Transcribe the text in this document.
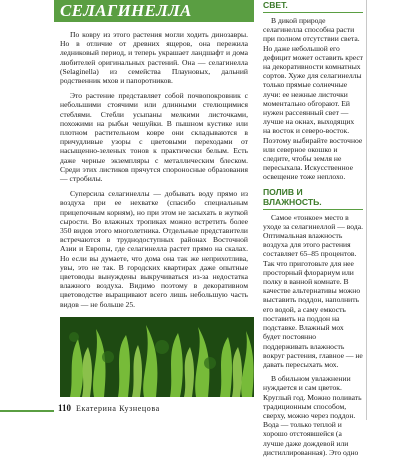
СЕЛАГИНЕЛЛА

По ковру из этого растения могли ходить динозавры. Но в отличие от древних ящеров, она пережила ледниковый период, и теперь украшает ландшафт и дома любителей оригинальных растений. Она — селагинелла (Selaginella) из семейства Плауновых, дальний родственник мхов и папоротников.

Это растение представляет собой почвопокровник с небольшими стоячими или длинными стелющимися стеблями. Стебли усыпаны мелкими листочками, похожими на рыбьи чешуйки. В пышном кустике или плотном растительном ковре они складываются в причудливые узоры с цветовыми переходами от насыщенно-зеленых тонов к практически белым. Есть даже черные экземпляры с металлическим блеском. Среди этих листиков прячутся спороносные образования — стробилы.

Суперсила селагинеллы — добывать воду прямо из воздуха при ее нехватке (спасибо специальным прицепочным корням), но при этом не засыхать в жуткой сырости. Во влажных тропиках можно встретить более 350 видов этого многолетника. Отдельные представители встречаются в труднодоступных районах Восточной Азии и Европы, где селагинелла растет прямо на скалах. Но если вы думаете, что дома она так же неприхотлива, увы, это не так. В городских квартирах даже опытные цветоводы вынуждены выкручиваться из-за недостатка влажного воздуха. Видимо поэтому в декоративном цветоводстве выращивают всего лишь небольшую часть видов — не больше 25.

110 Екатерина Кузнецова
СВЕТ.

В дикой природе селагинелла способна расти при полном отсутствии света. Но даже небольшой его дефицит может оставить крест на декоративности комнатных сортов. Хуже для селагинеллы только прямые солнечные лучи: ее нежные листочки моментально обгорают. Ей нужен рассеянный свет — лучше на окнах, выходящих на восток и северо-восток. Поэтому выбирайте восточное или северное окошко и следите, чтобы земля не пересыхала. Искусственное освещение тоже неплохо.

ПОЛИВ И ВЛАЖНОСТЬ.

Самое «тонкое» место в уходе за селагинеллой — вода. Оптимальная влажность воздуха для этого растения составляет 65–85 процентов. Так что приготовьте для нее просторный флорариум или полку в ванной комнате. В качестве альтернативы можно выставить поддон, наполнить его водой, а саму емкость поставить на поддон на подставке. Влажный мох будет постоянно поддерживать влажность вокруг растения, главное — не давать пересыхать мох.

В обильном увлажнении нуждается и сам цветок. Круглый год. Можно поливать традиционным способом, сверху, можно через поддон. Вода — только теплой и хорошо отстоявшейся (а лучше даже дождевой или дистиллированная). Это одно
